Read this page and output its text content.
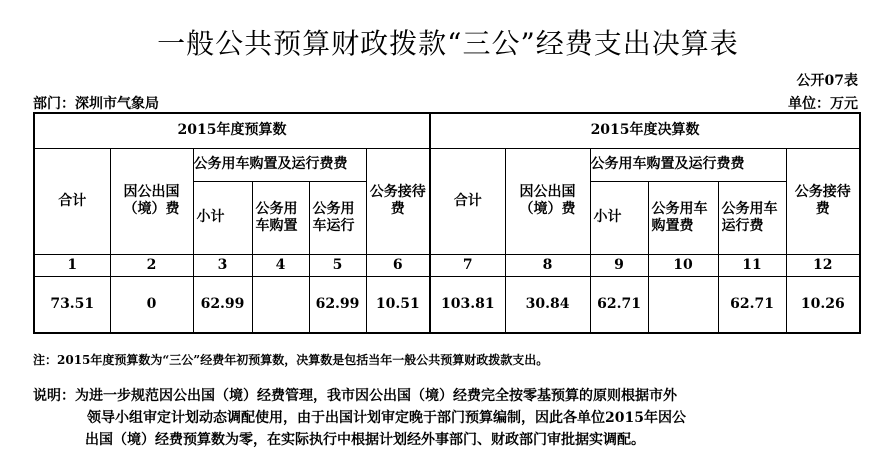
一般公共预算财政拨款“三公”经费支出决算表
公开07表
部门：深圳市气象局	单位：万元
2015年度预算数						2015年度决算数					
合计	因公出国（境）费	公务用车购置及运行费费			公务接待费	合计	因公出国（境）费	公务用车购置及运行费费			公务接待费
		小计	公务用车购置	公务用车运行				小计	公务用车购置费	公务用车运行费	
1	2	3	4	5	6	7	8	9	10	11	12
73.51	0	62.99		62.99	10.51	103.81	30.84	62.71		62.71	10.26
注：2015年度预算数为“三公”经费年初预算数，决算数是包括当年一般公共预算财政拨款支出。
说明：为进一步规范因公出国（境）经费管理，我市因公出国（境）经费完全按零基预算的原则根据市外
领导小组审定计划动态调配使用，由于出国计划审定晚于部门预算编制，因此各单位2015年因公
出国（境）经费预算数为零，在实际执行中根据计划经外事部门、财政部门审批据实调配。
